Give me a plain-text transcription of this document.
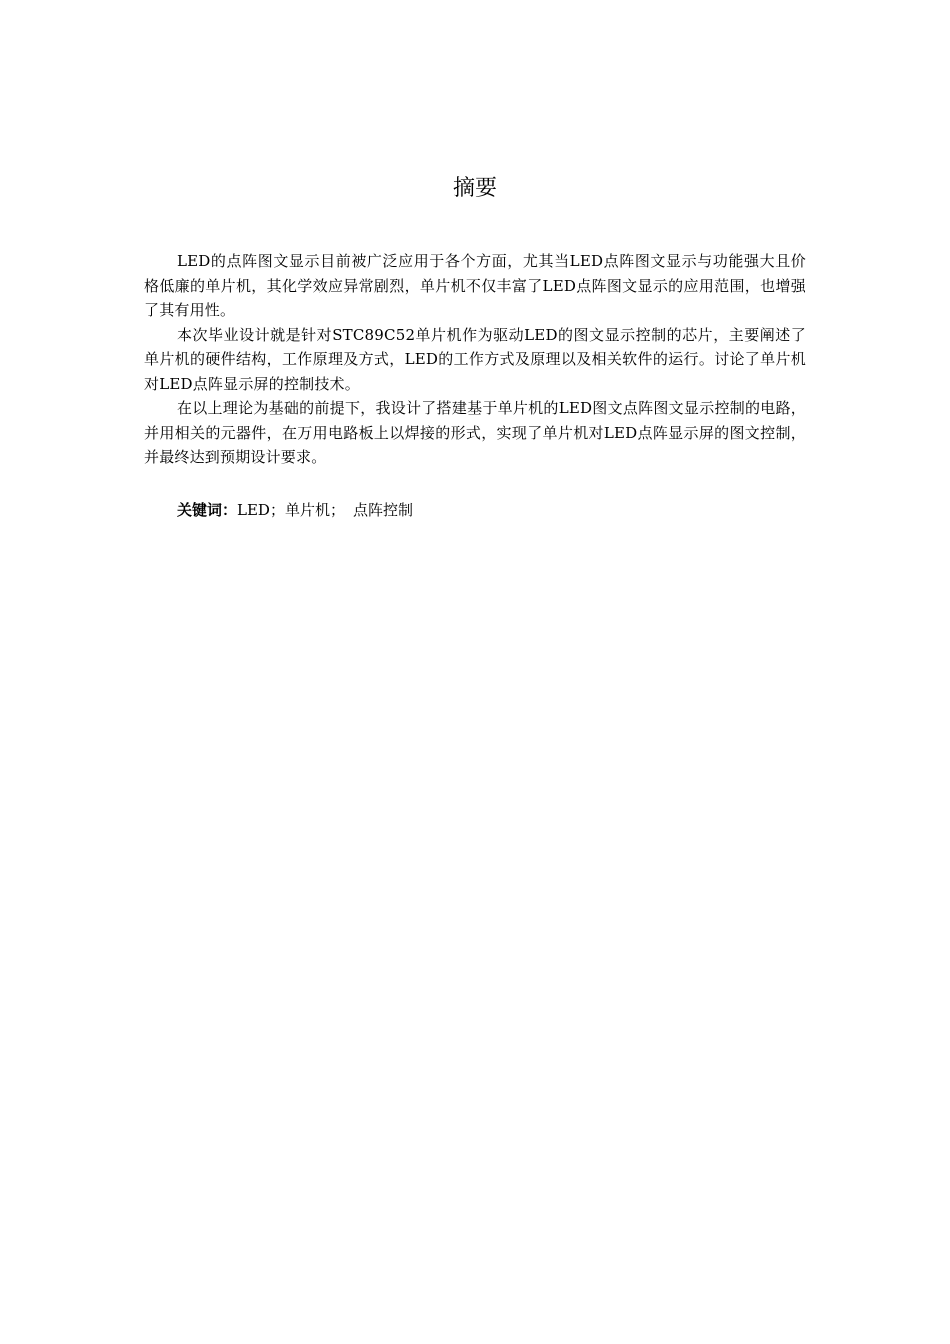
摘要

LED的点阵图文显示目前被广泛应用于各个方面，尤其当LED点阵图文显示与功能强大且价格低廉的单片机，其化学效应异常剧烈，单片机不仅丰富了LED点阵图文显示的应用范围，也增强了其有用性。

本次毕业设计就是针对STC89C52单片机作为驱动LED的图文显示控制的芯片，主要阐述了单片机的硬件结构，工作原理及方式，LED的工作方式及原理以及相关软件的运行。讨论了单片机对LED点阵显示屏的控制技术。

在以上理论为基础的前提下，我设计了搭建基于单片机的LED图文点阵图文显示控制的电路，并用相关的元器件，在万用电路板上以焊接的形式，实现了单片机对LED点阵显示屏的图文控制，并最终达到预期设计要求。

关键词：LED；单片机； 点阵控制
